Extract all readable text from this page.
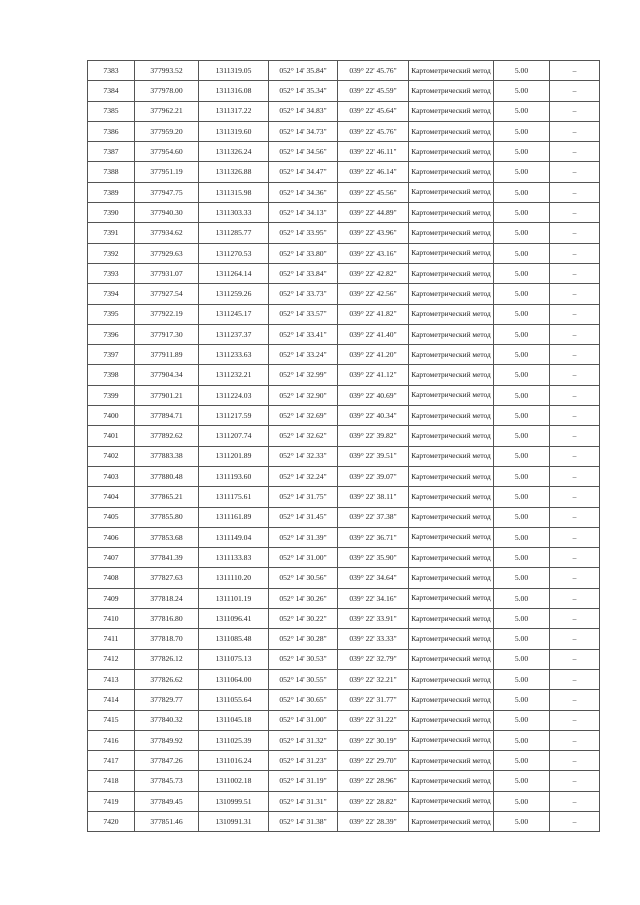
7383	377993.52	1311319.05	052° 14' 35.84"	039° 22' 45.76"	Картометрический метод	5.00	–
7384	377978.00	1311316.08	052° 14' 35.34"	039° 22' 45.59"	Картометрический метод	5.00	–
7385	377962.21	1311317.22	052° 14' 34.83"	039° 22' 45.64"	Картометрический метод	5.00	–
7386	377959.20	1311319.60	052° 14' 34.73"	039° 22' 45.76"	Картометрический метод	5.00	–
7387	377954.60	1311326.24	052° 14' 34.56"	039° 22' 46.11"	Картометрический метод	5.00	–
7388	377951.19	1311326.88	052° 14' 34.47"	039° 22' 46.14"	Картометрический метод	5.00	–
7389	377947.75	1311315.98	052° 14' 34.36"	039° 22' 45.56"	Картометрический метод	5.00	–
7390	377940.30	1311303.33	052° 14' 34.13"	039° 22' 44.89"	Картометрический метод	5.00	–
7391	377934.62	1311285.77	052° 14' 33.95"	039° 22' 43.96"	Картометрический метод	5.00	–
7392	377929.63	1311270.53	052° 14' 33.80"	039° 22' 43.16"	Картометрический метод	5.00	–
7393	377931.07	1311264.14	052° 14' 33.84"	039° 22' 42.82"	Картометрический метод	5.00	–
7394	377927.54	1311259.26	052° 14' 33.73"	039° 22' 42.56"	Картометрический метод	5.00	–
7395	377922.19	1311245.17	052° 14' 33.57"	039° 22' 41.82"	Картометрический метод	5.00	–
7396	377917.30	1311237.37	052° 14' 33.41"	039° 22' 41.40"	Картометрический метод	5.00	–
7397	377911.89	1311233.63	052° 14' 33.24"	039° 22' 41.20"	Картометрический метод	5.00	–
7398	377904.34	1311232.21	052° 14' 32.99"	039° 22' 41.12"	Картометрический метод	5.00	–
7399	377901.21	1311224.03	052° 14' 32.90"	039° 22' 40.69"	Картометрический метод	5.00	–
7400	377894.71	1311217.59	052° 14' 32.69"	039° 22' 40.34"	Картометрический метод	5.00	–
7401	377892.62	1311207.74	052° 14' 32.62"	039° 22' 39.82"	Картометрический метод	5.00	–
7402	377883.38	1311201.89	052° 14' 32.33"	039° 22' 39.51"	Картометрический метод	5.00	–
7403	377880.48	1311193.60	052° 14' 32.24"	039° 22' 39.07"	Картометрический метод	5.00	–
7404	377865.21	1311175.61	052° 14' 31.75"	039° 22' 38.11"	Картометрический метод	5.00	–
7405	377855.80	1311161.89	052° 14' 31.45"	039° 22' 37.38"	Картометрический метод	5.00	–
7406	377853.68	1311149.04	052° 14' 31.39"	039° 22' 36.71"	Картометрический метод	5.00	–
7407	377841.39	1311133.83	052° 14' 31.00"	039° 22' 35.90"	Картометрический метод	5.00	–
7408	377827.63	1311110.20	052° 14' 30.56"	039° 22' 34.64"	Картометрический метод	5.00	–
7409	377818.24	1311101.19	052° 14' 30.26"	039° 22' 34.16"	Картометрический метод	5.00	–
7410	377816.80	1311096.41	052° 14' 30.22"	039° 22' 33.91"	Картометрический метод	5.00	–
7411	377818.70	1311085.48	052° 14' 30.28"	039° 22' 33.33"	Картометрический метод	5.00	–
7412	377826.12	1311075.13	052° 14' 30.53"	039° 22' 32.79"	Картометрический метод	5.00	–
7413	377826.62	1311064.00	052° 14' 30.55"	039° 22' 32.21"	Картометрический метод	5.00	–
7414	377829.77	1311055.64	052° 14' 30.65"	039° 22' 31.77"	Картометрический метод	5.00	–
7415	377840.32	1311045.18	052° 14' 31.00"	039° 22' 31.22"	Картометрический метод	5.00	–
7416	377849.92	1311025.39	052° 14' 31.32"	039° 22' 30.19"	Картометрический метод	5.00	–
7417	377847.26	1311016.24	052° 14' 31.23"	039° 22' 29.70"	Картометрический метод	5.00	–
7418	377845.73	1311002.18	052° 14' 31.19"	039° 22' 28.96"	Картометрический метод	5.00	–
7419	377849.45	1310999.51	052° 14' 31.31"	039° 22' 28.82"	Картометрический метод	5.00	–
7420	377851.46	1310991.31	052° 14' 31.38"	039° 22' 28.39"	Картометрический метод	5.00	–
